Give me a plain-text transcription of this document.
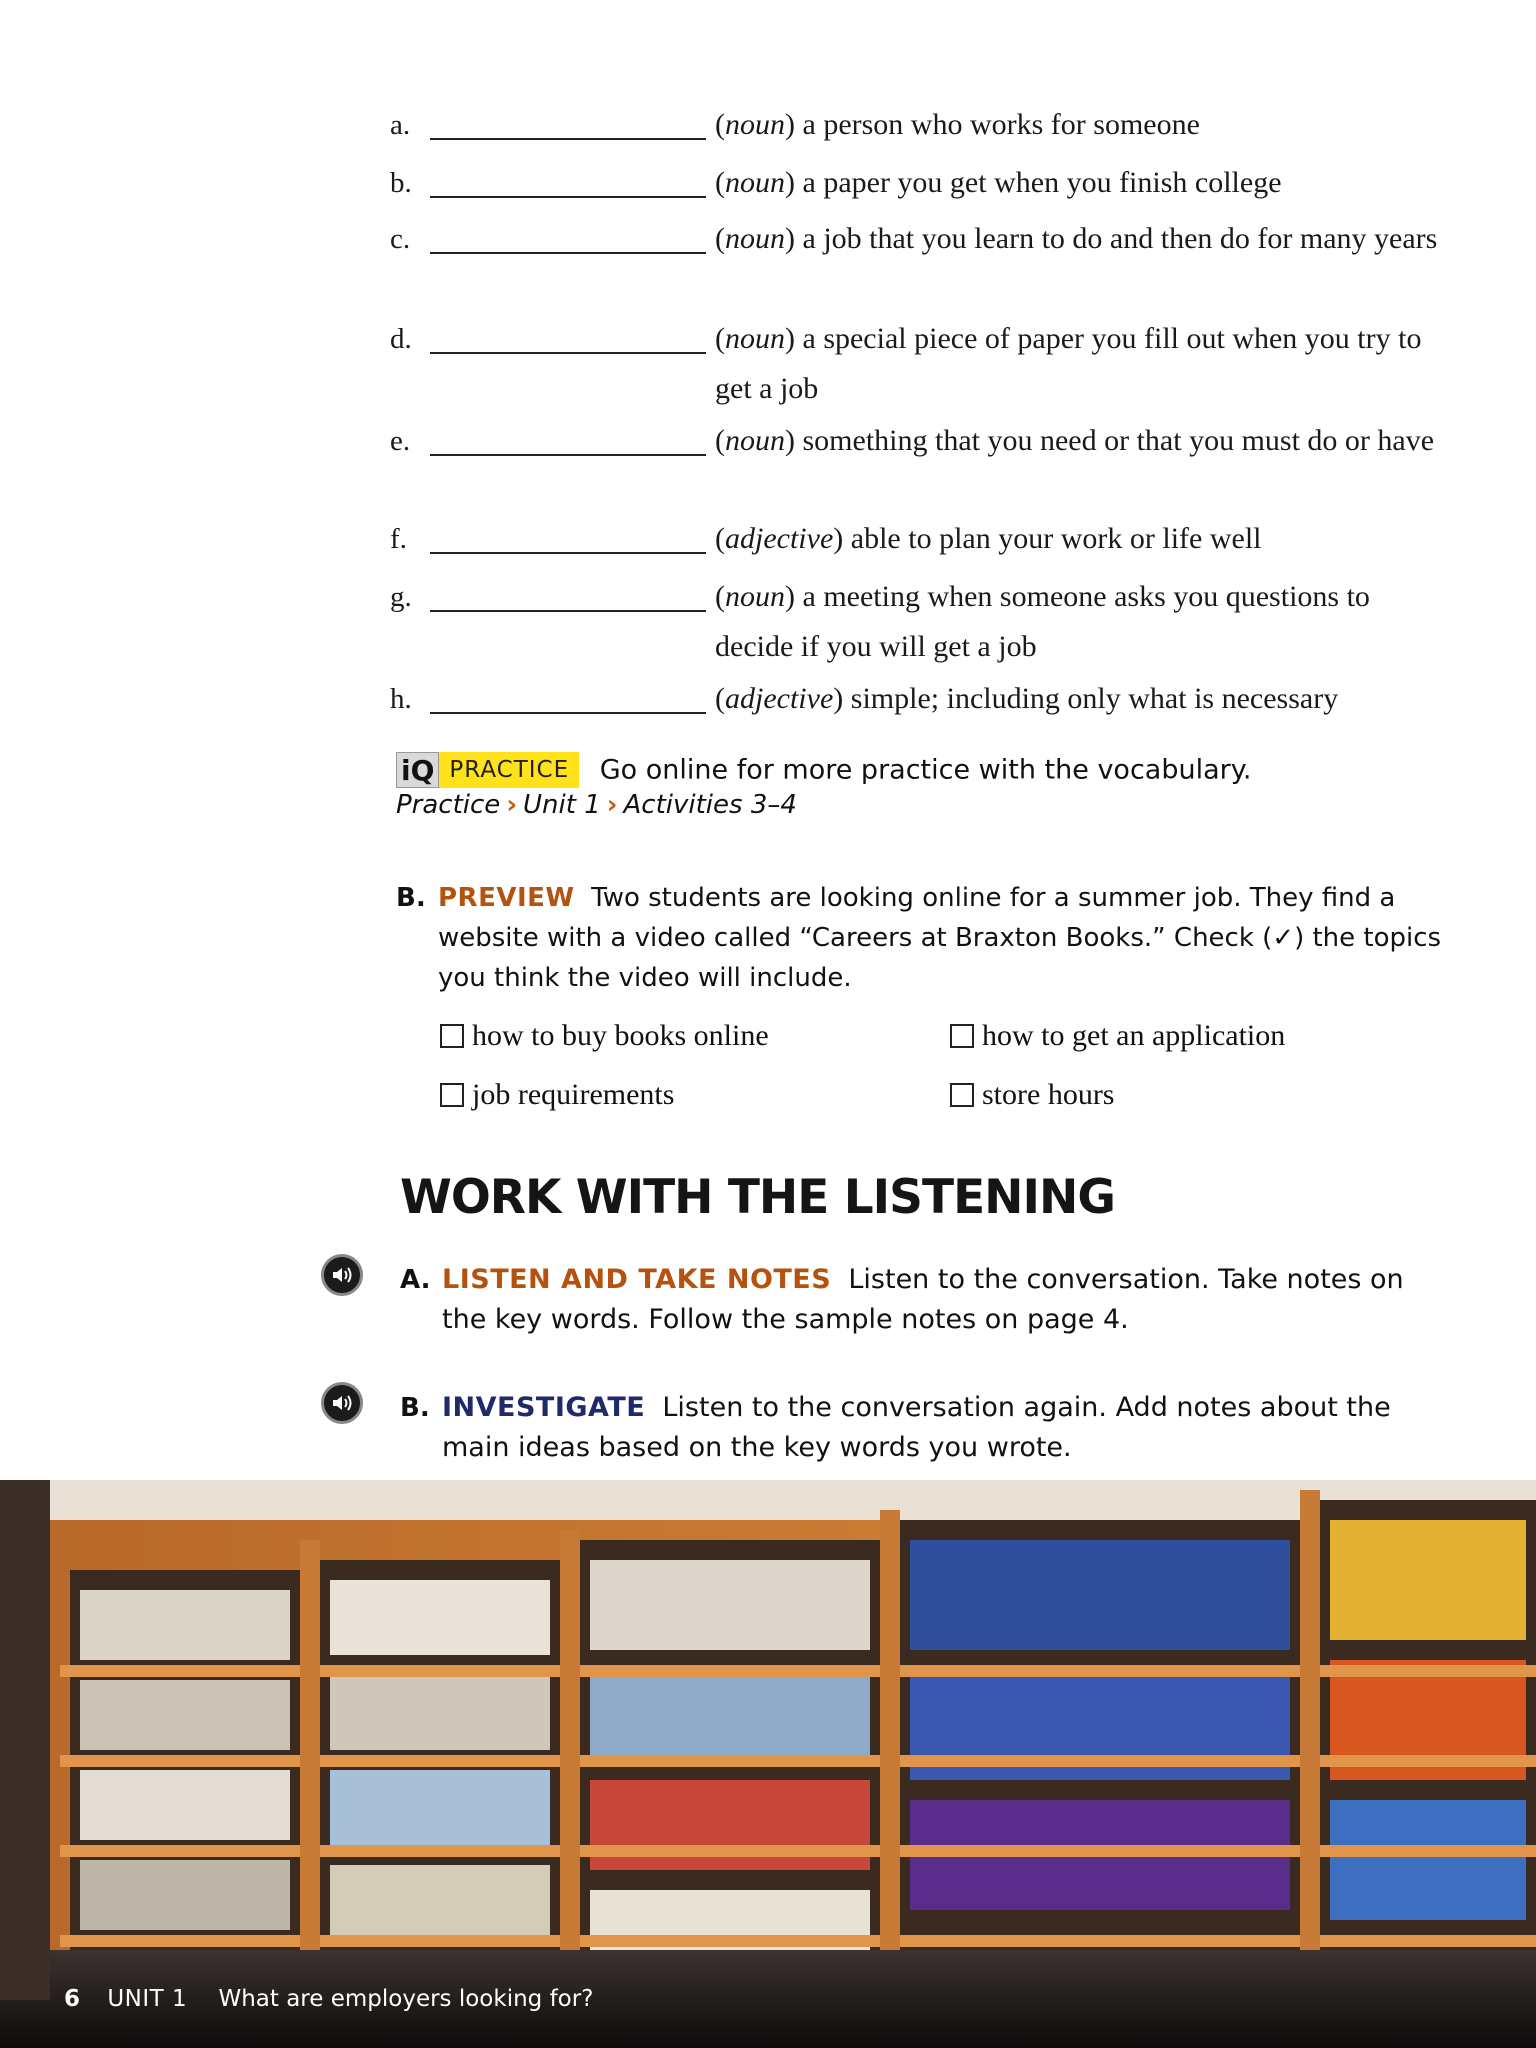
a.	(noun) a person who works for someone
b.	(noun) a paper you get when you finish college
c.	(noun) a job that you learn to do and then do for many years
d.	(noun) a special piece of paper you fill out when you try to get a job
e.	(noun) something that you need or that you must do or have
f.	(adjective) able to plan your work or life well
g.	(noun) a meeting when someone asks you questions to decide if you will get a job
h.	(adjective) simple; including only what is necessary
iQ PRACTICE	Go online for more practice with the vocabulary.
Practice › Unit 1 › Activities 3–4
B. PREVIEW Two students are looking online for a summer job. They find a website with a video called “Careers at Braxton Books.” Check (✓) the topics you think the video will include.
how to buy books online	how to get an application
job requirements	store hours
WORK WITH THE LISTENING
A. LISTEN AND TAKE NOTES Listen to the conversation. Take notes on the key words. Follow the sample notes on page 4.
B. INVESTIGATE Listen to the conversation again. Add notes about the main ideas based on the key words you wrote.
6 UNIT 1 What are employers looking for?
